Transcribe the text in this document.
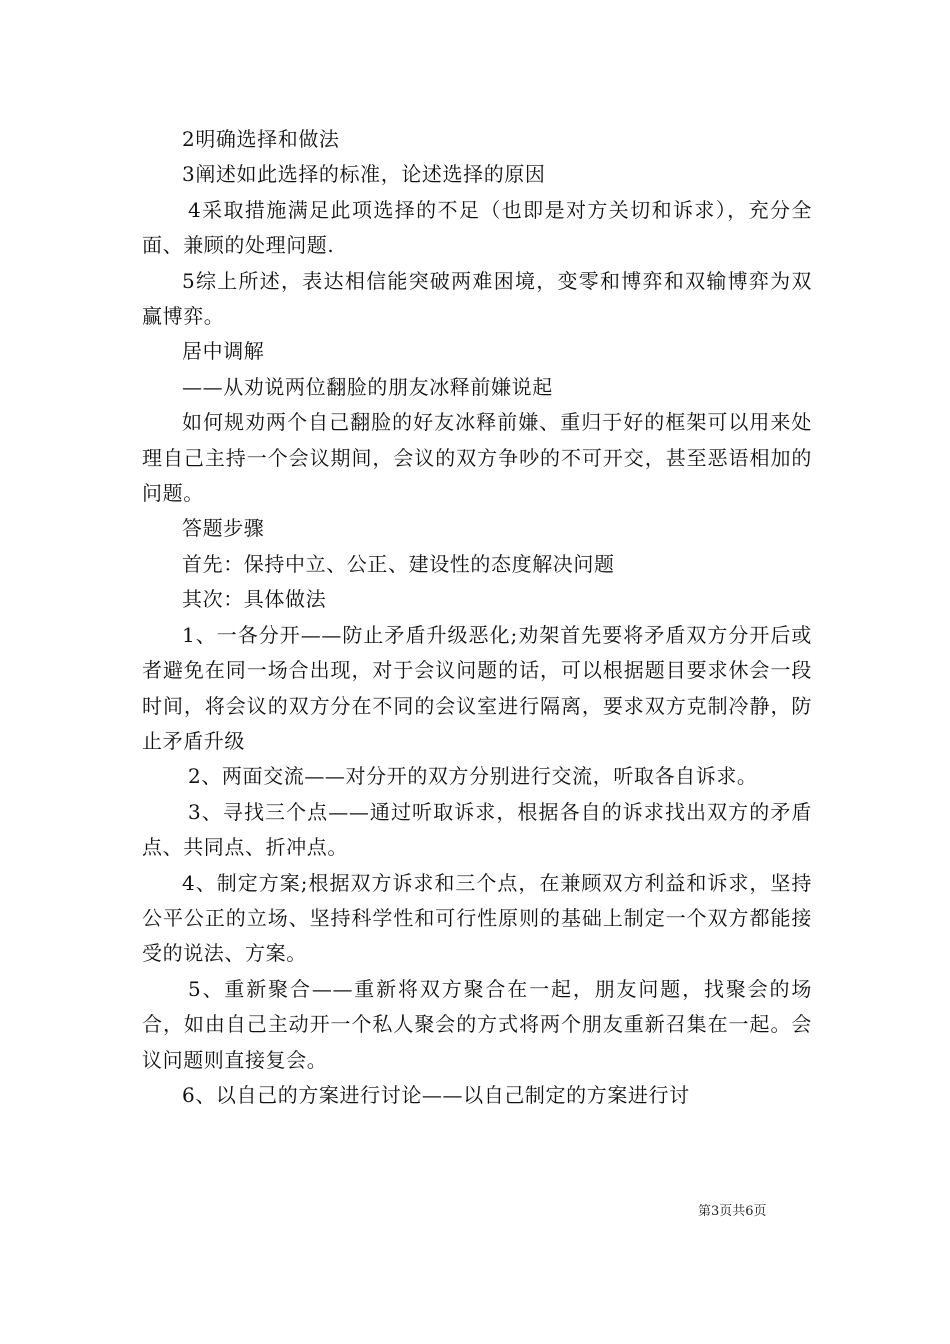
2明确选择和做法

3阐述如此选择的标准，论述选择的原因

4采取措施满足此项选择的不足（也即是对方关切和诉求），充分全面、兼顾的处理问题.

5综上所述，表达相信能突破两难困境，变零和博弈和双输博弈为双赢博弈。

居中调解

——从劝说两位翻脸的朋友冰释前嫌说起

如何规劝两个自己翻脸的好友冰释前嫌、重归于好的框架可以用来处理自己主持一个会议期间，会议的双方争吵的不可开交，甚至恶语相加的问题。

答题步骤

首先：保持中立、公正、建设性的态度解决问题

其次：具体做法

1、一各分开——防止矛盾升级恶化;劝架首先要将矛盾双方分开后或者避免在同一场合出现，对于会议问题的话，可以根据题目要求休会一段时间，将会议的双方分在不同的会议室进行隔离，要求双方克制冷静，防止矛盾升级

2、两面交流——对分开的双方分别进行交流，听取各自诉求。

3、寻找三个点——通过听取诉求，根据各自的诉求找出双方的矛盾点、共同点、折冲点。

4、制定方案;根据双方诉求和三个点，在兼顾双方利益和诉求，坚持公平公正的立场、坚持科学性和可行性原则的基础上制定一个双方都能接受的说法、方案。

5、重新聚合——重新将双方聚合在一起，朋友问题，找聚会的场合，如由自己主动开一个私人聚会的方式将两个朋友重新召集在一起。会议问题则直接复会。

6、以自己的方案进行讨论——以自己制定的方案进行讨

第3页共6页
